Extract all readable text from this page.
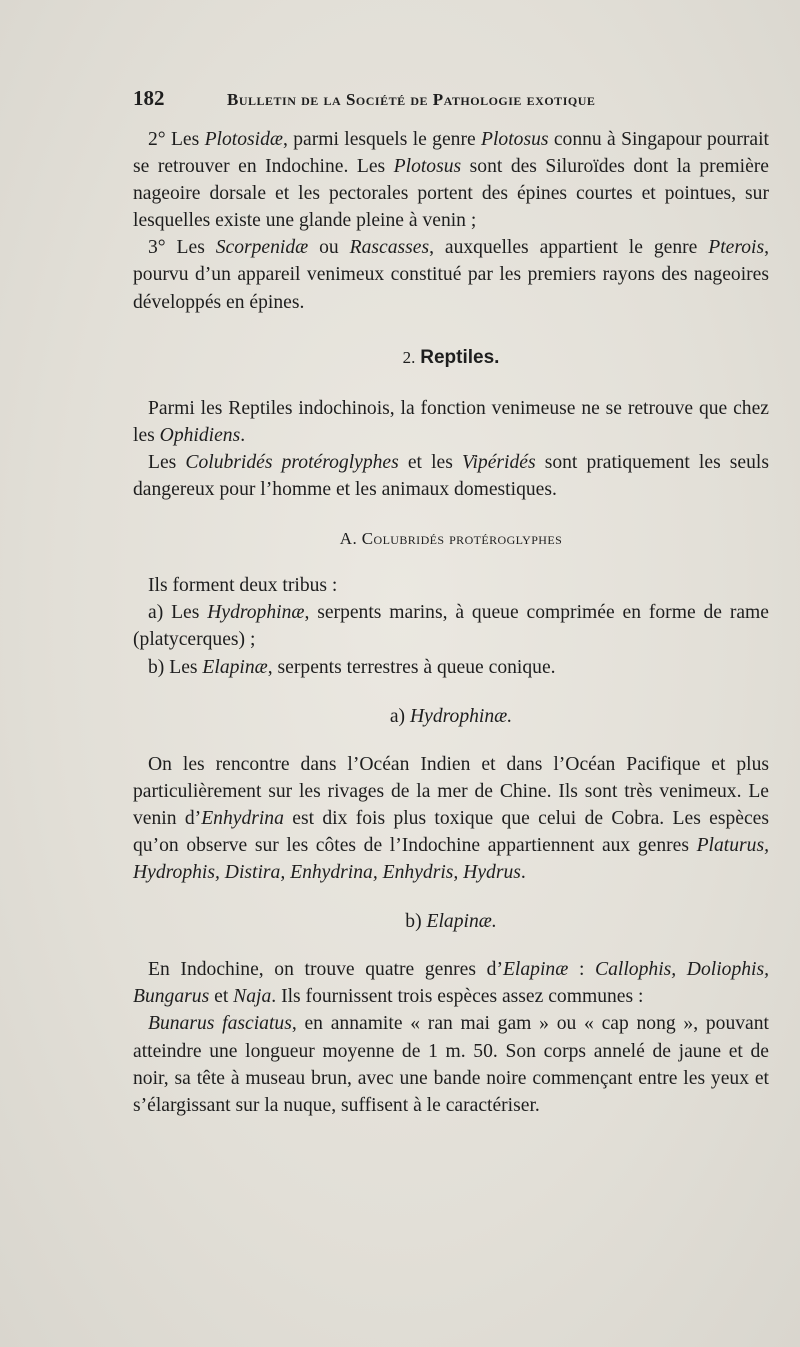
182	Bulletin de la Société de Pathologie exotique

2° Les Plotosidæ, parmi lesquels le genre Plotosus connu à Singapour pourrait se retrouver en Indochine. Les Plotosus sont des Siluroïdes dont la première nageoire dorsale et les pectorales portent des épines courtes et pointues, sur lesquelles existe une glande pleine à venin ;

3° Les Scorpenidæ ou Rascasses, auxquelles appartient le genre Pterois, pourvu d’un appareil venimeux constitué par les premiers rayons des nageoires développés en épines.

2. Reptiles.

Parmi les Reptiles indochinois, la fonction venimeuse ne se retrouve que chez les Ophidiens.

Les Colubridés protéroglyphes et les Vipéridés sont pratiquement les seuls dangereux pour l’homme et les animaux domestiques.

A. Colubridés protéroglyphes

Ils forment deux tribus :

a) Les Hydrophinæ, serpents marins, à queue comprimée en forme de rame (platycerques) ;

b) Les Elapinæ, serpents terrestres à queue conique.

a) Hydrophinæ.

On les rencontre dans l’Océan Indien et dans l’Océan Pacifique et plus particulièrement sur les rivages de la mer de Chine. Ils sont très venimeux. Le venin d’Enhydrina est dix fois plus toxique que celui de Cobra. Les espèces qu’on observe sur les côtes de l’Indochine appartiennent aux genres Platurus, Hydrophis, Distira, Enhydrina, Enhydris, Hydrus.

b) Elapinæ.

En Indochine, on trouve quatre genres d’Elapinæ : Callophis, Doliophis, Bungarus et Naja. Ils fournissent trois espèces assez communes :

Bunarus fasciatus, en annamite « ran mai gam » ou « cap nong », pouvant atteindre une longueur moyenne de 1 m. 50. Son corps annelé de jaune et de noir, sa tête à museau brun, avec une bande noire commençant entre les yeux et s’élargissant sur la nuque, suffisent à le caractériser.
